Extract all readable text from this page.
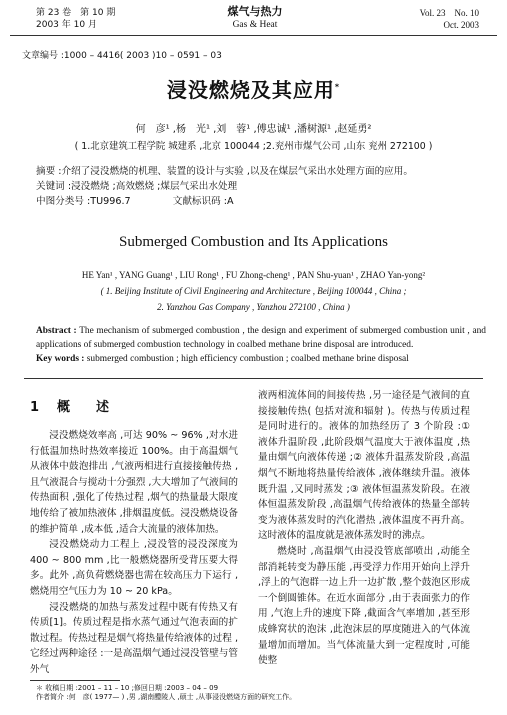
第 23 卷　第 10 期
2003 年 10 月
煤气与热力
Gas & Heat
Vol. 23　No. 10
Oct. 2003
文章编号 :1000 – 4416( 2003 )10 – 0591 – 03
浸没燃烧及其应用*
何　彦¹ ,杨　光¹ ,刘　蓉¹ ,傅忠诚¹ ,潘树源¹ ,赵延勇²
( 1.北京建筑工程学院 城建系 ,北京 100044 ;2.兖州市煤气公司 ,山东 兖州 272100 )
摘要 :介绍了浸没燃烧的机理、装置的设计与实验 ,以及在煤层气采出水处理方面的应用。
关键词 :浸没燃烧 ;高效燃烧 ;煤层气采出水处理
中图分类号 :TU996.7	文献标识码 :A
Submerged Combustion and Its Applications
HE Yan¹ , YANG Guang¹ , LIU Rong¹ , FU Zhong-cheng¹ , PAN Shu-yuan¹ , ZHAO Yan-yong²
( 1. Beijing Institute of Civil Engineering and Architecture , Beijing 100044 , China ;
2. Yanzhou Gas Company , Yanzhou 272100 , China )
Abstract : The mechanism of submerged combustion , the design and experiment of submerged combustion unit , and applications of submerged combustion technology in coalbed methane brine disposal are introduced.
Key words : submerged combustion ; high efficiency combustion ; coalbed methane brine disposal
1 概　　述

浸没燃烧效率高 ,可达 90% ~ 96% ,对水进行低温加热时热效率接近 100%。由于高温烟气从液体中鼓泡排出 ,气液两相进行直接接触传热 ,且气液混合与搅动十分强烈 ,大大增加了气液间的传热面积 ,强化了传热过程 ,烟气的热量最大限度地传给了被加热液体 ,排烟温度低。浸没燃烧设备的维护简单 ,成本低 ,适合大流量的液体加热。

浸没燃烧动力工程上 ,浸没管的浸没深度为 400 ~ 800 mm ,比一般燃烧器所受背压要大得多。此外 ,高负荷燃烧器也需在较高压力下运行 ,燃烧用空气压力为 10 ~ 20 kPa。

浸没燃烧的加热与蒸发过程中既有传热又有传质[1]。传质过程是指水蒸气通过气泡表面的扩散过程。传热过程是烟气将热量传给液体的过程 ,它经过两种途径 :一是高温烟气通过浸没管壁与管外气

液两相流体间的间接传热 ,另一途径是气液间的直接接触传热( 包括对流和辐射 )。传热与传质过程是同时进行的。液体的加热经历了 3 个阶段 :① 液体升温阶段 ,此阶段烟气温度大于液体温度 ,热量由烟气向液体传递 ;② 液体升温蒸发阶段 ,高温烟气不断地将热量传给液体 ,液体继续升温。液体既升温 ,又同时蒸发 ;③ 液体恒温蒸发阶段。在液体恒温蒸发阶段 ,高温烟气传给液体的热量全部转变为液体蒸发时的汽化潜热 ,液体温度不再升高。这时液体的温度就是液体蒸发时的沸点。

燃烧时 ,高温烟气由浸没管底部喷出 ,动能全部消耗转变为静压能 ,再受浮力作用开始向上浮升 ,浮上的气泡群一边上升一边扩散 ,整个鼓泡区形成一个倒圆锥体。在近水面部分 ,由于表面张力的作用 ,气泡上升的速度下降 ,截面含气率增加 ,甚至形成蜂窝状的泡沫 ,此泡沫层的厚度随进入的气体流量增加而增加。当气体流量大到一定程度时 ,可能使整

＊ 收稿日期 :2001 – 11 – 10 ;修回日期 :2003 – 04 – 09
作者简介 :何　彦( 1977— ) ,男 ,湖南醴陵人 ,硕士 ,从事浸没燃烧方面的研究工作。
